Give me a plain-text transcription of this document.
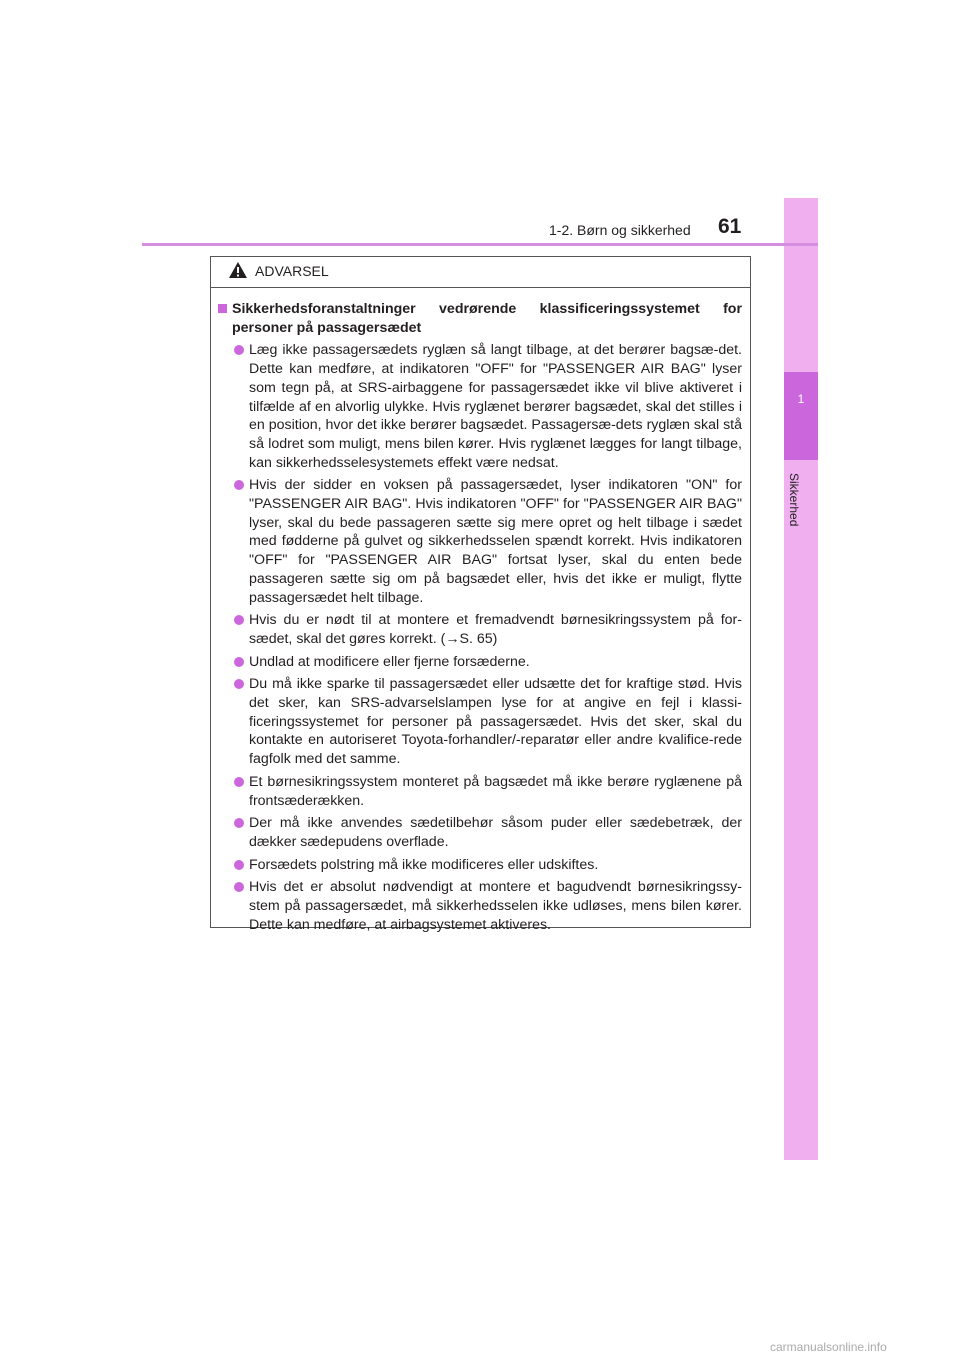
1
Sikkerhed
1-2. Børn og sikkerhed 61
ADVARSEL
Sikkerhedsforanstaltninger vedrørende klassificeringssystemet for personer på passagersædet
Læg ikke passagersædets ryglæn så langt tilbage, at det berører bagsæ-det. Dette kan medføre, at indikatoren "OFF" for "PASSENGER AIR BAG" lyser som tegn på, at SRS-airbaggene for passagersædet ikke vil blive aktiveret i tilfælde af en alvorlig ulykke. Hvis ryglænet berører bagsædet, skal det stilles i en position, hvor det ikke berører bagsædet. Passagersæ-dets ryglæn skal stå så lodret som muligt, mens bilen kører. Hvis ryglænet lægges for langt tilbage, kan sikkerhedsselesystemets effekt være nedsat.
Hvis der sidder en voksen på passagersædet, lyser indikatoren "ON" for "PASSENGER AIR BAG". Hvis indikatoren "OFF" for "PASSENGER AIR BAG" lyser, skal du bede passageren sætte sig mere opret og helt tilbage i sædet med fødderne på gulvet og sikkerhedsselen spændt korrekt. Hvis indikatoren "OFF" for "PASSENGER AIR BAG" fortsat lyser, skal du enten bede passageren sætte sig om på bagsædet eller, hvis det ikke er muligt, flytte passagersædet helt tilbage.
Hvis du er nødt til at montere et fremadvendt børnesikringssystem på for-sædet, skal det gøres korrekt. (→S. 65)
Undlad at modificere eller fjerne forsæderne.
Du må ikke sparke til passagersædet eller udsætte det for kraftige stød. Hvis det sker, kan SRS-advarselslampen lyse for at angive en fejl i klassi-ficeringssystemet for personer på passagersædet. Hvis det sker, skal du kontakte en autoriseret Toyota-forhandler/-reparatør eller andre kvalifice-rede fagfolk med det samme.
Et børnesikringssystem monteret på bagsædet må ikke berøre ryglænene på frontsæderækken.
Der må ikke anvendes sædetilbehør såsom puder eller sædebetræk, der dækker sædepudens overflade.
Forsædets polstring må ikke modificeres eller udskiftes.
Hvis det er absolut nødvendigt at montere et bagudvendt børnesikringssy-stem på passagersædet, må sikkerhedsselen ikke udløses, mens bilen kører. Dette kan medføre, at airbagsystemet aktiveres.
carmanualsonline.info
